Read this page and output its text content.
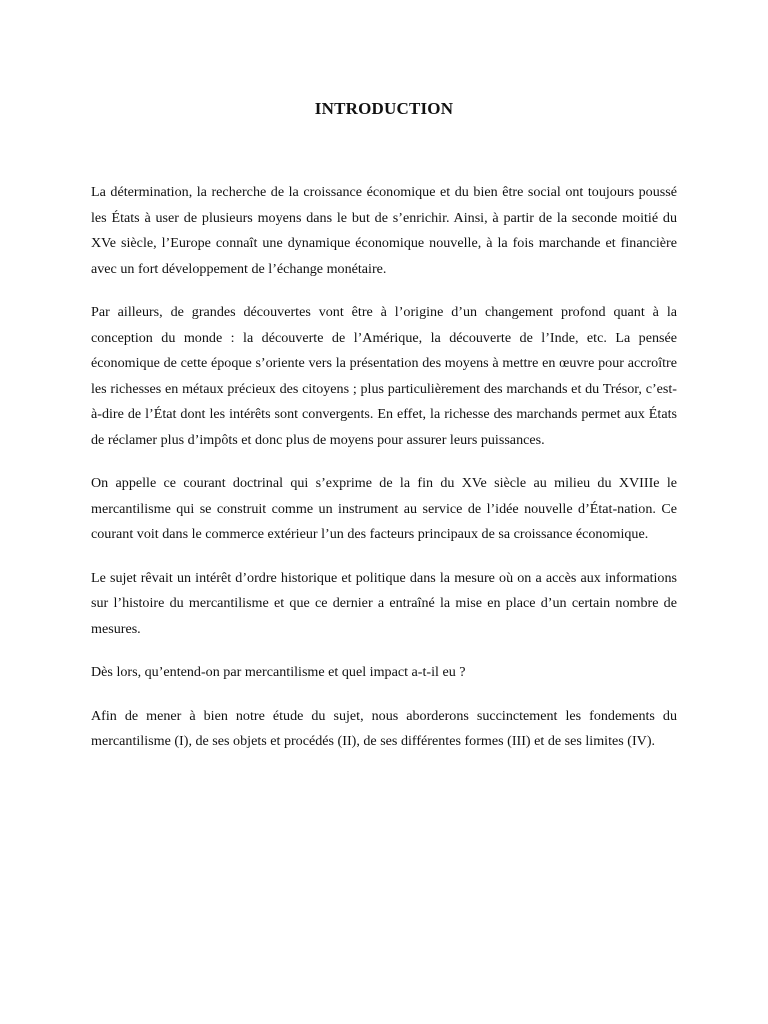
INTRODUCTION

La détermination, la recherche de la croissance économique et du bien être social ont toujours poussé les États à user de plusieurs moyens dans le but de s’enrichir. Ainsi, à partir de la seconde moitié du XVe siècle, l’Europe connaît une dynamique économique nouvelle, à la fois marchande et financière avec un fort développement de l’échange monétaire.

Par ailleurs, de grandes découvertes vont être à l’origine d’un changement profond quant à la conception du monde : la découverte de l’Amérique, la découverte de l’Inde, etc. La pensée économique de cette époque s’oriente vers la présentation des moyens à mettre en œuvre pour accroître les richesses en métaux précieux des citoyens ; plus particulièrement des marchands et du Trésor, c’est-à-dire de l’État dont les intérêts sont convergents. En effet, la richesse des marchands permet aux États de réclamer plus d’impôts et donc plus de moyens pour assurer leurs puissances.

On appelle ce courant doctrinal qui s’exprime de la fin du XVe siècle au milieu du XVIIIe le mercantilisme qui se construit comme un instrument au service de l’idée nouvelle d’État-nation. Ce courant voit dans le commerce extérieur l’un des facteurs principaux de sa croissance économique.

Le sujet rêvait un intérêt d’ordre historique et politique dans la mesure où on a accès aux informations sur l’histoire du mercantilisme et que ce dernier a entraîné la mise en place d’un certain nombre de mesures.

Dès lors, qu’entend-on par mercantilisme et quel impact a-t-il eu ?

Afin de mener à bien notre étude du sujet, nous aborderons succinctement les fondements du mercantilisme (I), de ses objets et procédés (II), de ses différentes formes (III) et de ses limites (IV).
